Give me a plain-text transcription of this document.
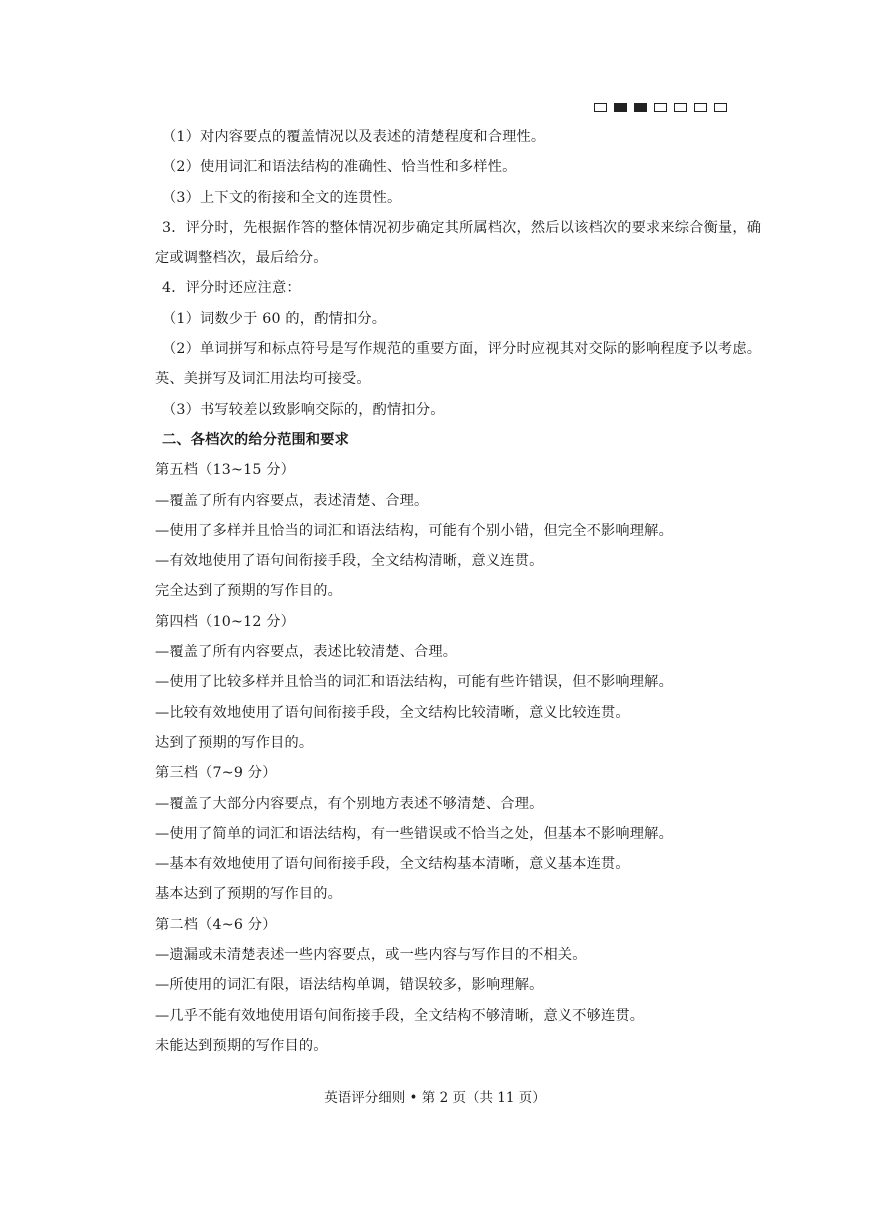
（1）对内容要点的覆盖情况以及表述的清楚程度和合理性。

（2）使用词汇和语法结构的准确性、恰当性和多样性。

（3）上下文的衔接和全文的连贯性。

3．评分时，先根据作答的整体情况初步确定其所属档次，然后以该档次的要求来综合衡量，确定或调整档次，最后给分。

4．评分时还应注意：

（1）词数少于 60 的，酌情扣分。

（2）单词拼写和标点符号是写作规范的重要方面，评分时应视其对交际的影响程度予以考虑。英、美拼写及词汇用法均可接受。

（3）书写较差以致影响交际的，酌情扣分。

二、各档次的给分范围和要求

第五档（13~15 分）

—覆盖了所有内容要点，表述清楚、合理。

—使用了多样并且恰当的词汇和语法结构，可能有个别小错，但完全不影响理解。

—有效地使用了语句间衔接手段，全文结构清晰，意义连贯。

完全达到了预期的写作目的。

第四档（10~12 分）

—覆盖了所有内容要点，表述比较清楚、合理。

—使用了比较多样并且恰当的词汇和语法结构，可能有些许错误，但不影响理解。

—比较有效地使用了语句间衔接手段，全文结构比较清晰，意义比较连贯。

达到了预期的写作目的。

第三档（7~9 分）

—覆盖了大部分内容要点，有个别地方表述不够清楚、合理。

—使用了简单的词汇和语法结构，有一些错误或不恰当之处，但基本不影响理解。

—基本有效地使用了语句间衔接手段，全文结构基本清晰，意义基本连贯。

基本达到了预期的写作目的。

第二档（4~6 分）

—遗漏或未清楚表述一些内容要点，或一些内容与写作目的不相关。

—所使用的词汇有限，语法结构单调，错误较多，影响理解。

—几乎不能有效地使用语句间衔接手段，全文结构不够清晰，意义不够连贯。

未能达到预期的写作目的。

英语评分细则 • 第 2 页（共 11 页）
